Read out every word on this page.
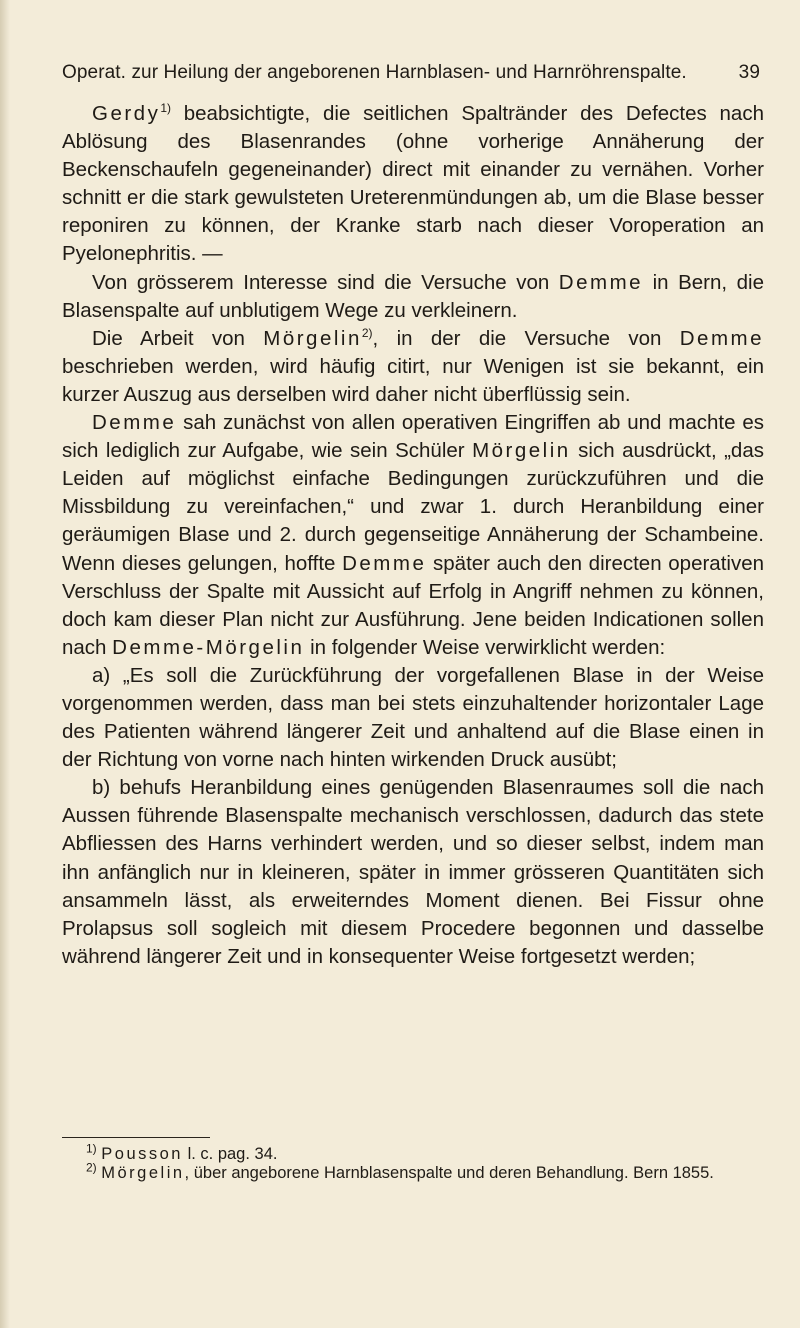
Operat. zur Heilung der angeborenen Harnblasen- und Harnröhrenspalte.	39

Gerdy$^{1)}$ beabsichtigte, die seitlichen Spaltränder des Defectes nach Ablösung des Blasenrandes (ohne vorherige Annäherung der Beckenschaufeln gegeneinander) direct mit einander zu vernähen. Vorher schnitt er die stark gewulsteten Ureterenmündungen ab, um die Blase besser reponiren zu können, der Kranke starb nach dieser Voroperation an Pyelonephritis. —

Von grösserem Interesse sind die Versuche von Demme in Bern, die Blasenspalte auf unblutigem Wege zu verkleinern.

Die Arbeit von Mörgelin$^{2)}$, in der die Versuche von Demme beschrieben werden, wird häufig citirt, nur Wenigen ist sie bekannt, ein kurzer Auszug aus derselben wird daher nicht überflüssig sein.

Demme sah zunächst von allen operativen Eingriffen ab und machte es sich lediglich zur Aufgabe, wie sein Schüler Mörgelin sich ausdrückt, „das Leiden auf möglichst einfache Bedingungen zurückzuführen und die Missbildung zu vereinfachen,“ und zwar 1. durch Heranbildung einer geräumigen Blase und 2. durch gegenseitige Annäherung der Schambeine. Wenn dieses gelungen, hoffte Demme später auch den directen operativen Verschluss der Spalte mit Aussicht auf Erfolg in Angriff nehmen zu können, doch kam dieser Plan nicht zur Ausführung. Jene beiden Indicationen sollen nach Demme-Mörgelin in folgender Weise verwirklicht werden:

a) „Es soll die Zurückführung der vorgefallenen Blase in der Weise vorgenommen werden, dass man bei stets einzuhaltender horizontaler Lage des Patienten während längerer Zeit und anhaltend auf die Blase einen in der Richtung von vorne nach hinten wirkenden Druck ausübt;

b) behufs Heranbildung eines genügenden Blasenraumes soll die nach Aussen führende Blasenspalte mechanisch verschlossen, dadurch das stete Abfliessen des Harns verhindert werden, und so dieser selbst, indem man ihn anfänglich nur in kleineren, später in immer grösseren Quantitäten sich ansammeln lässt, als erweiterndes Moment dienen. Bei Fissur ohne Prolapsus soll sogleich mit diesem Procedere begonnen und dasselbe während längerer Zeit und in konsequenter Weise fortgesetzt werden;

$^{1)}$ Pousson l. c. pag. 34.

$^{2)}$ Mörgelin, über angeborene Harnblasenspalte und deren Behandlung. Bern 1855.
